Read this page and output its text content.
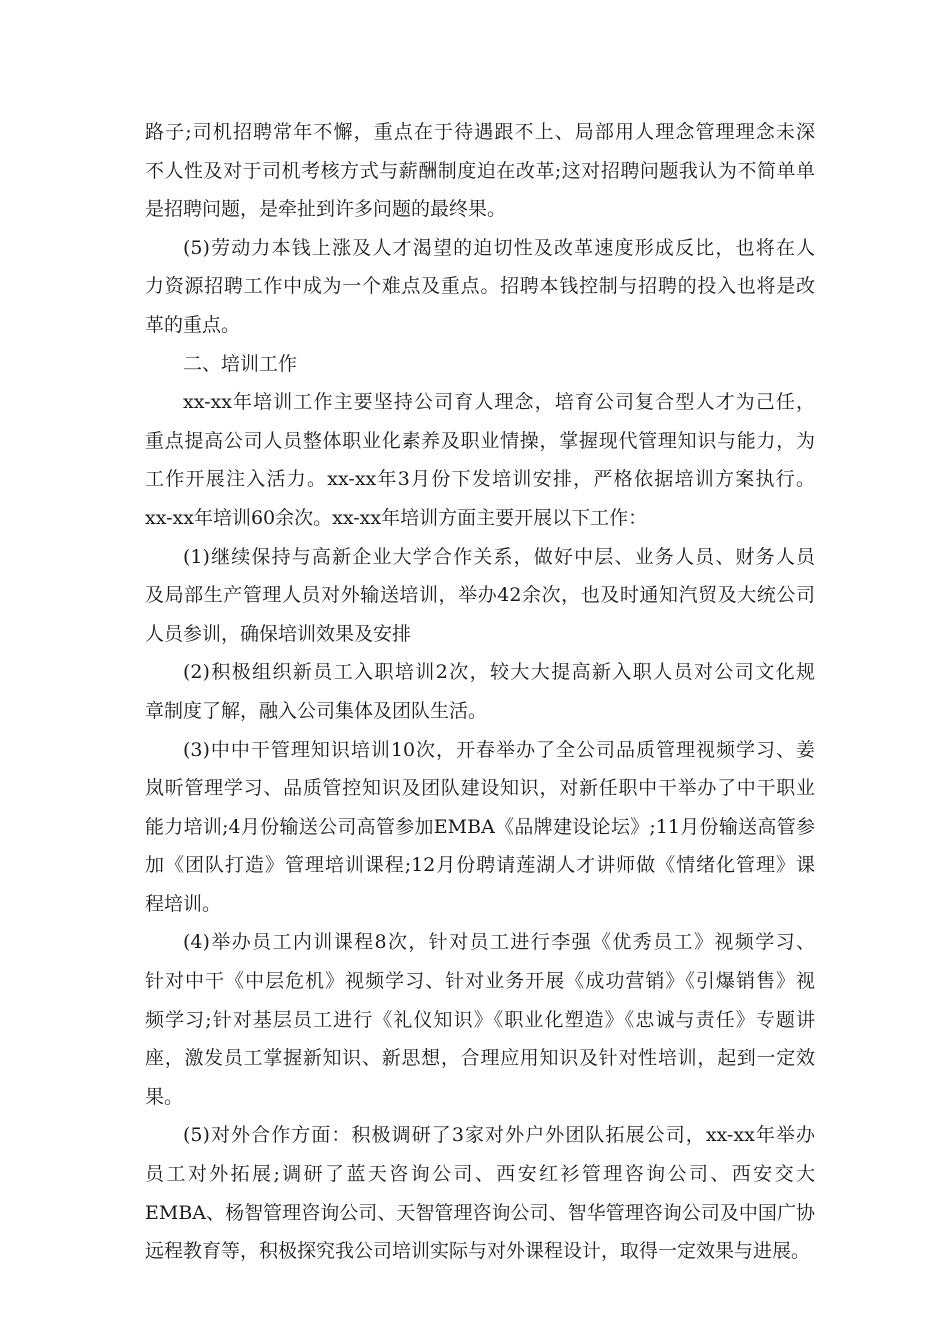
路子;司机招聘常年不懈，重点在于待遇跟不上、局部用人理念管理理念未深
不人性及对于司机考核方式与薪酬制度迫在改革;这对招聘问题我认为不简单单
是招聘问题，是牵扯到许多问题的最终果。
(5)劳动力本钱上涨及人才渴望的迫切性及改革速度形成反比，也将在人
力资源招聘工作中成为一个难点及重点。招聘本钱控制与招聘的投入也将是改
革的重点。
二、培训工作
xx-xx年培训工作主要坚持公司育人理念，培育公司复合型人才为己任，
重点提高公司人员整体职业化素养及职业情操，掌握现代管理知识与能力，为
工作开展注入活力。xx-xx年3月份下发培训安排，严格依据培训方案执行。
xx-xx年培训60余次。xx-xx年培训方面主要开展以下工作：
(1)继续保持与高新企业大学合作关系，做好中层、业务人员、财务人员
及局部生产管理人员对外输送培训，举办42余次，也及时通知汽贸及大统公司
人员参训，确保培训效果及安排
(2)积极组织新员工入职培训2次，较大大提高新入职人员对公司文化规
章制度了解，融入公司集体及团队生活。
(3)中中干管理知识培训10次，开春举办了全公司品质管理视频学习、姜
岚昕管理学习、品质管控知识及团队建设知识，对新任职中干举办了中干职业
能力培训;4月份输送公司高管参加EMBA《品牌建设论坛》;11月份输送高管参
加《团队打造》管理培训课程;12月份聘请莲湖人才讲师做《情绪化管理》课
程培训。
(4)举办员工内训课程8次，针对员工进行李强《优秀员工》视频学习、
针对中干《中层危机》视频学习、针对业务开展《成功营销》《引爆销售》视
频学习;针对基层员工进行《礼仪知识》《职业化塑造》《忠诚与责任》专题讲
座，激发员工掌握新知识、新思想，合理应用知识及针对性培训，起到一定效
果。
(5)对外合作方面：积极调研了3家对外户外团队拓展公司，xx-xx年举办
员工对外拓展;调研了蓝天咨询公司、西安红衫管理咨询公司、西安交大
EMBA、杨智管理咨询公司、天智管理咨询公司、智华管理咨询公司及中国广协
远程教育等，积极探究我公司培训实际与对外课程设计，取得一定效果与进展。
